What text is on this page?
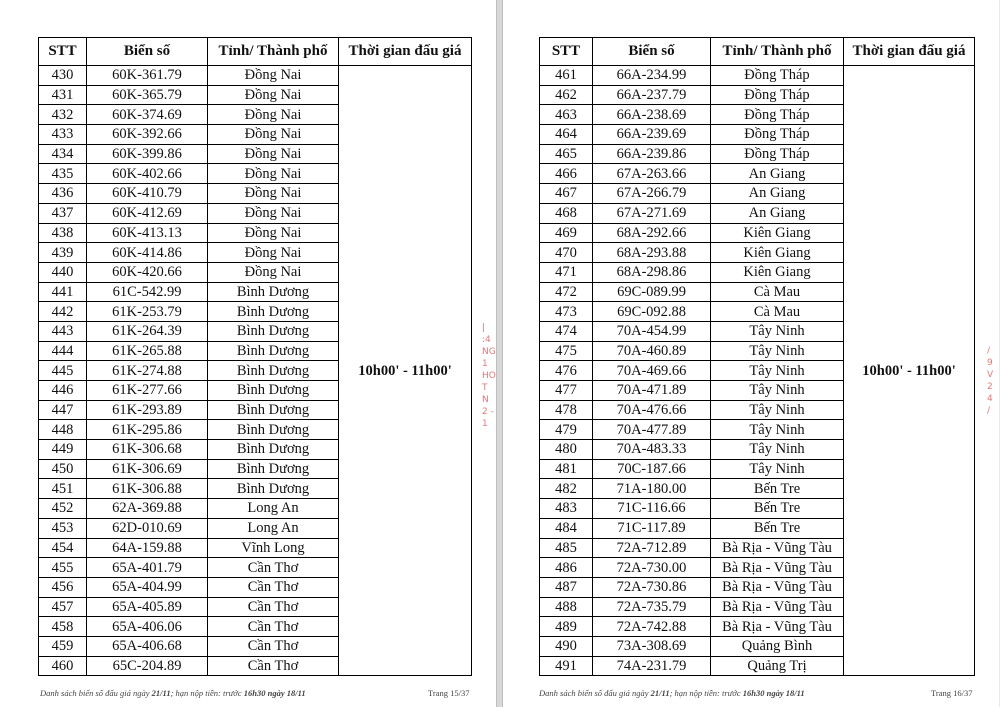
STT	Biển số	Tỉnh/ Thành phố	Thời gian đấu giá
430	60K-361.79	Đồng Nai	10h00' - 11h00'
431	60K-365.79	Đồng Nai	
432	60K-374.69	Đồng Nai	
433	60K-392.66	Đồng Nai	
434	60K-399.86	Đồng Nai	
435	60K-402.66	Đồng Nai	
436	60K-410.79	Đồng Nai	
437	60K-412.69	Đồng Nai	
438	60K-413.13	Đồng Nai	
439	60K-414.86	Đồng Nai	
440	60K-420.66	Đồng Nai	
441	61C-542.99	Bình Dương	
442	61K-253.79	Bình Dương	
443	61K-264.39	Bình Dương	
444	61K-265.88	Bình Dương	
445	61K-274.88	Bình Dương	
446	61K-277.66	Bình Dương	
447	61K-293.89	Bình Dương	
448	61K-295.86	Bình Dương	
449	61K-306.68	Bình Dương	
450	61K-306.69	Bình Dương	
451	61K-306.88	Bình Dương	
452	62A-369.88	Long An	
453	62D-010.69	Long An	
454	64A-159.88	Vĩnh Long	
455	65A-401.79	Cần Thơ	
456	65A-404.99	Cần Thơ	
457	65A-405.89	Cần Thơ	
458	65A-406.06	Cần Thơ	
459	65A-406.68	Cần Thơ	
460	65C-204.89	Cần Thơ	
Danh sách biển số đấu giá ngày 21/11; hạn nộp tiền: trước 16h30 ngày 18/11	Trang 15/37
|
:4
NG
1 HO
T N
2 - 1
STT	Biển số	Tỉnh/ Thành phố	Thời gian đấu giá
461	66A-234.99	Đồng Tháp	10h00' - 11h00'
462	66A-237.79	Đồng Tháp	
463	66A-238.69	Đồng Tháp	
464	66A-239.69	Đồng Tháp	
465	66A-239.86	Đồng Tháp	
466	67A-263.66	An Giang	
467	67A-266.79	An Giang	
468	67A-271.69	An Giang	
469	68A-292.66	Kiên Giang	
470	68A-293.88	Kiên Giang	
471	68A-298.86	Kiên Giang	
472	69C-089.99	Cà Mau	
473	69C-092.88	Cà Mau	
474	70A-454.99	Tây Ninh	
475	70A-460.89	Tây Ninh	
476	70A-469.66	Tây Ninh	
477	70A-471.89	Tây Ninh	
478	70A-476.66	Tây Ninh	
479	70A-477.89	Tây Ninh	
480	70A-483.33	Tây Ninh	
481	70C-187.66	Tây Ninh	
482	71A-180.00	Bến Tre	
483	71C-116.66	Bến Tre	
484	71C-117.89	Bến Tre	
485	72A-712.89	Bà Rịa - Vũng Tàu	
486	72A-730.00	Bà Rịa - Vũng Tàu	
487	72A-730.86	Bà Rịa - Vũng Tàu	
488	72A-735.79	Bà Rịa - Vũng Tàu	
489	72A-742.88	Bà Rịa - Vũng Tàu	
490	73A-308.69	Quảng Bình	
491	74A-231.79	Quảng Trị	
Danh sách biển số đấu giá ngày 21/11; hạn nộp tiền: trước 16h30 ngày 18/11	Trang 16/37
/
9
V
2
4
/
